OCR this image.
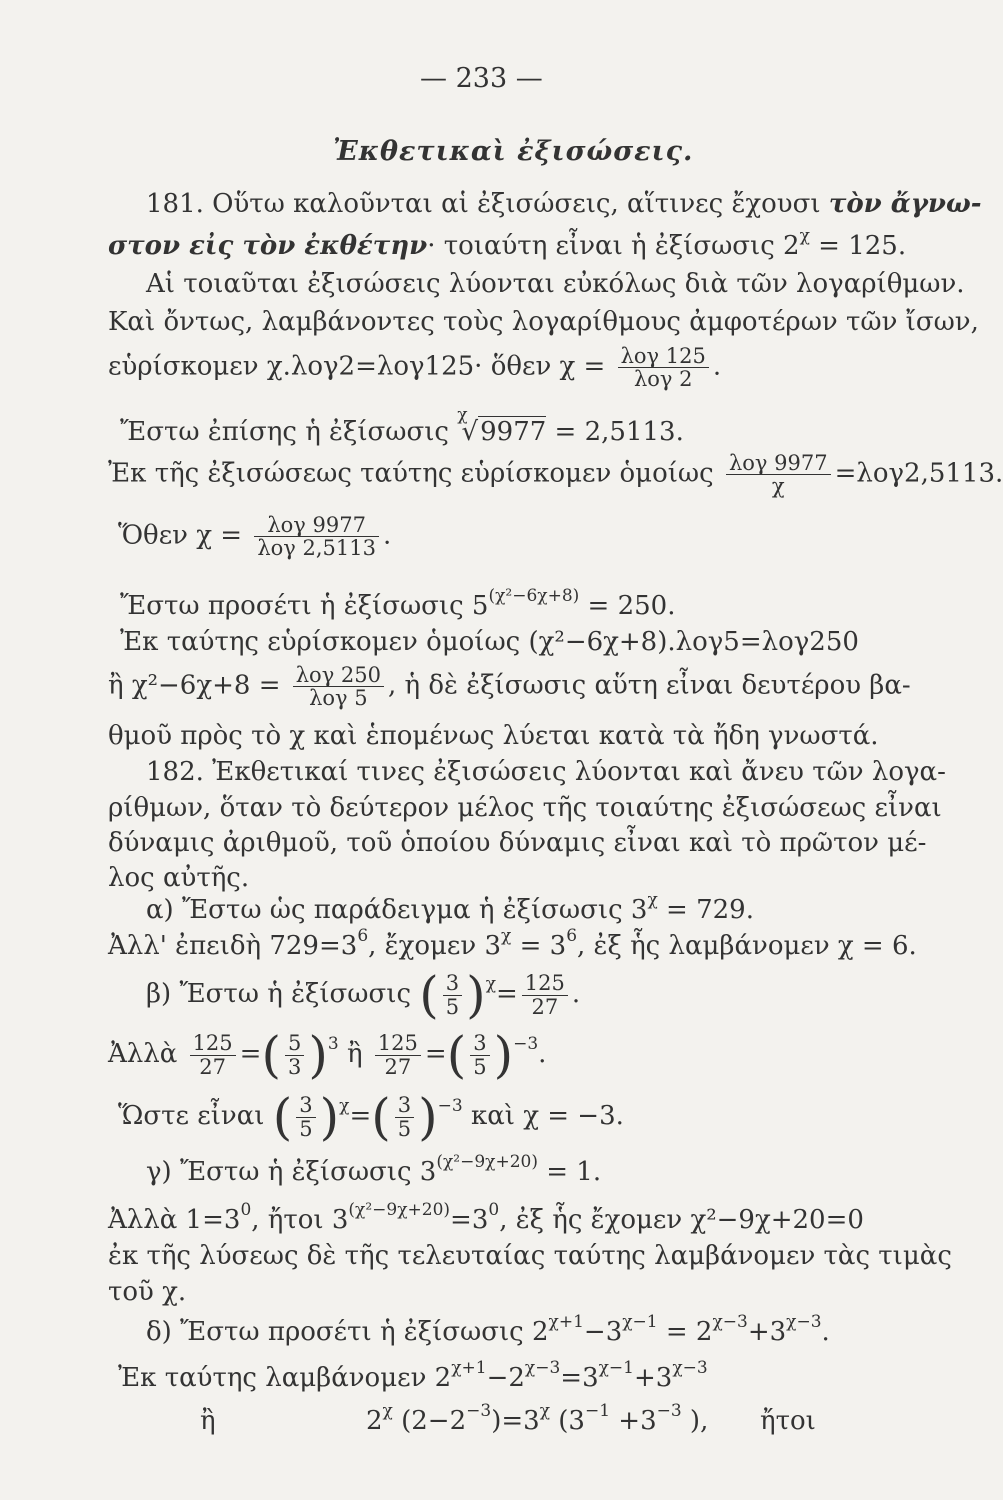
— 233 —
Ἐκθετικαὶ ἐξισώσεις.
181. Οὕτω καλοῦνται αἱ ἐξισώσεις, αἵτινες ἔχουσι τὸν ἄγνω-
στον εἰς τὸν ἐκθέτην· τοιαύτη εἶναι ἡ ἐξίσωσις $2^\chi = 125$.
Αἱ τοιαῦται ἐξισώσεις λύονται εὐκόλως διὰ τῶν λογαρίθμων.
Καὶ ὄντως, λαμβάνοντες τοὺς λογαρίθμους ἀμφοτέρων τῶν ἴσων,
εὑρίσκομεν χ.λογ2=λογ125· ὅθεν χ = λογ 125
λογ 2 .
Ἔστω ἐπίσης ἡ ἐξίσωσις $^\chi$√9977 = 2,5113.
Ἐκ τῆς ἐξισώσεως ταύτης εὑρίσκομεν ὁμοίως λογ 9977
χ	=λογ2,5113.
Ὅθεν χ = λογ 9977
λογ 2,5113 .
Ἔστω προσέτι ἡ ἐξίσωσις $5^{(\chi^2-6\chi+8)} = 250$.
Ἐκ ταύτης εὑρίσκομεν ὁμοίως (χ²−6χ+8).λογ5=λογ250
ἢ χ²−6χ+8 = λογ 250
λογ 5 , ἡ δὲ ἐξίσωσις αὕτη εἶναι δευτέρου βα-
θμοῦ πρὸς τὸ χ καὶ ἑπομένως λύεται κατὰ τὰ ἤδη γνωστά.
182. Ἐκθετικαί τινες ἐξισώσεις λύονται καὶ ἄνευ τῶν λογα-
ρίθμων, ὅταν τὸ δεύτερον μέλος τῆς τοιαύτης ἐξισώσεως εἶναι
δύναμις ἀριθμοῦ, τοῦ ὁποίου δύναμις εἶναι καὶ τὸ πρῶτον μέ-
λος αὐτῆς.
α) Ἔστω ὡς παράδειγμα ἡ ἐξίσωσις $3^\chi = 729$.
Ἀλλ' ἐπειδὴ $729=3^6$, ἔχομεν $3^\chi = 3^6$, ἐξ ἧς λαμβάνομεν χ = 6.
β) Ἔστω ἡ ἐξίσωσις ( $\frac{3}{5} )^\chi= \frac{125}{27}$ .
Ἀλλὰ $\frac{125}{27}$ =( $\frac{5}{3} )^3$ ἢ $\frac{125}{27}$ =( $\frac{3}{5} )^{-3}$.
Ὥστε εἶναι ( $\frac{3}{5} )^\chi=( \frac{3}{5} )^{-3}$ καὶ χ = −3.
γ) Ἔστω ἡ ἐξίσωσις $3^{(\chi^2-9\chi+20)} = 1$.
Ἀλλὰ $1=3^0$, ἤτοι $3^{(\chi^2-9\chi+20)}=3^0$, ἐξ ἧς ἔχομεν χ²−9χ+20=0
ἐκ τῆς λύσεως δὲ τῆς τελευταίας ταύτης λαμβάνομεν τὰς τιμὰς
τοῦ χ.
δ) Ἔστω προσέτι ἡ ἐξίσωσις $2^{\chi+1}-3^{\chi-1} = 2^{\chi-3}+3^{\chi-3}$.
Ἐκ ταύτης λαμβάνομεν $2^{\chi+1}-2^{\chi-3}=3^{\chi-1}+3^{\chi-3}$
ἢ	$2^\chi$ $(2-2^{-3})=3^\chi$ ($3^{-1} +3^{-3}$ ), ἤτοι
